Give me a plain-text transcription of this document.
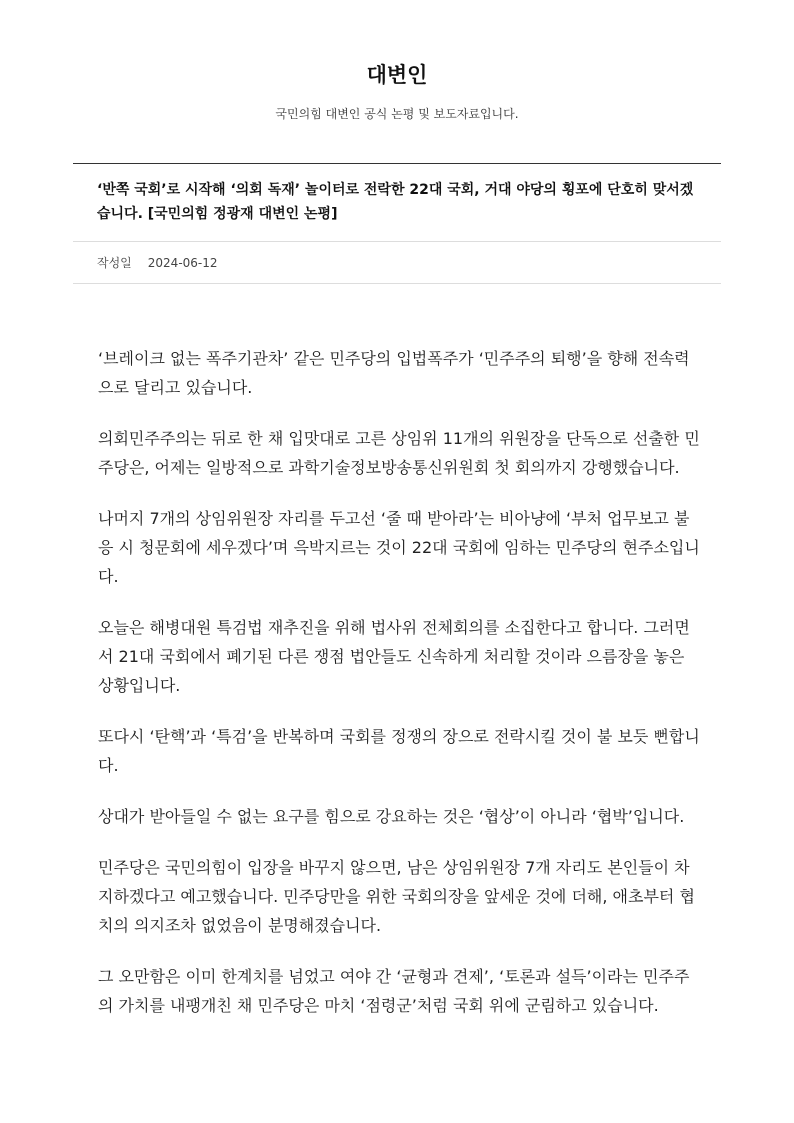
대변인
국민의힘 대변인 공식 논평 및 보도자료입니다.
‘반쪽 국회’로 시작해 ‘의회 독재’ 놀이터로 전락한 22대 국회, 거대 야당의 횡포에 단호히 맞서겠습니다. [국민의힘 정광재 대변인 논평]
작성일 2024-06-12

‘브레이크 없는 폭주기관차’ 같은 민주당의 입법폭주가 ‘민주주의 퇴행’을 향해 전속력으로 달리고 있습니다.

의회민주주의는 뒤로 한 채 입맛대로 고른 상임위 11개의 위원장을 단독으로 선출한 민주당은, 어제는 일방적으로 과학기술정보방송통신위원회 첫 회의까지 강행했습니다.

나머지 7개의 상임위원장 자리를 두고선 ‘줄 때 받아라’는 비아냥에 ‘부처 업무보고 불응 시 청문회에 세우겠다’며 윽박지르는 것이 22대 국회에 임하는 민주당의 현주소입니다.

오늘은 해병대원 특검법 재추진을 위해 법사위 전체회의를 소집한다고 합니다. 그러면서 21대 국회에서 폐기된 다른 쟁점 법안들도 신속하게 처리할 것이라 으름장을 놓은 상황입니다.

또다시 ‘탄핵’과 ‘특검’을 반복하며 국회를 정쟁의 장으로 전락시킬 것이 불 보듯 뻔합니다.

상대가 받아들일 수 없는 요구를 힘으로 강요하는 것은 ‘협상’이 아니라 ‘협박’입니다.

민주당은 국민의힘이 입장을 바꾸지 않으면, 남은 상임위원장 7개 자리도 본인들이 차지하겠다고 예고했습니다. 민주당만을 위한 국회의장을 앞세운 것에 더해, 애초부터 협치의 의지조차 없었음이 분명해졌습니다.

그 오만함은 이미 한계치를 넘었고 여야 간 ‘균형과 견제’, ‘토론과 설득’이라는 민주주의 가치를 내팽개친 채 민주당은 마치 ‘점령군’처럼 국회 위에 군림하고 있습니다.
